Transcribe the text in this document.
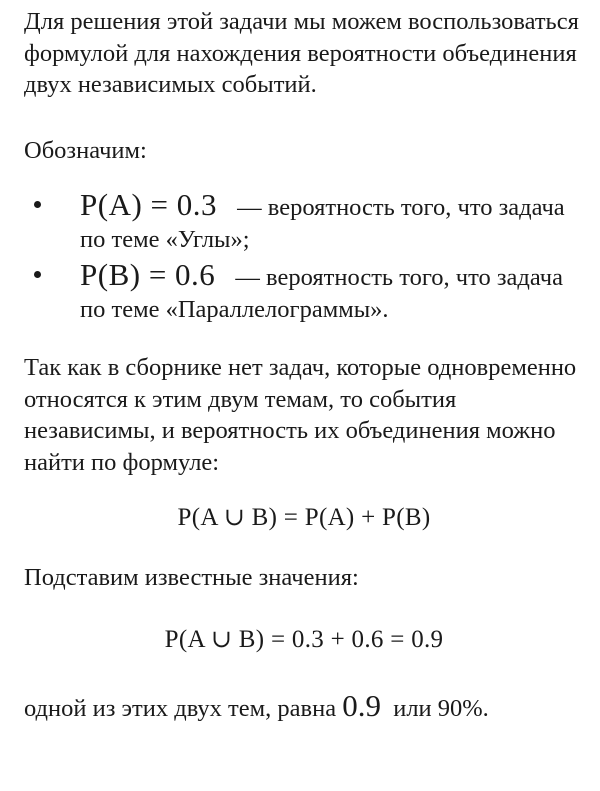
Для решения этой задачи мы можем воспользоваться формулой для нахождения вероятности объединения двух независимых событий.

Обозначим:

P(A) = 0.3 — вероятность того, что задача по теме «Углы»;
P(B) = 0.6 — вероятность того, что задача по теме «Параллелограммы».

Так как в сборнике нет задач, которые одновременно относятся к этим двум темам, то события независимы, и вероятность их объединения можно найти по формуле:

P(A ∪ B) = P(A) + P(B)

Подставим известные значения:

P(A ∪ B) = 0.3 + 0.6 = 0.9

одной из этих двух тем, равна 0.9 или 90%.
